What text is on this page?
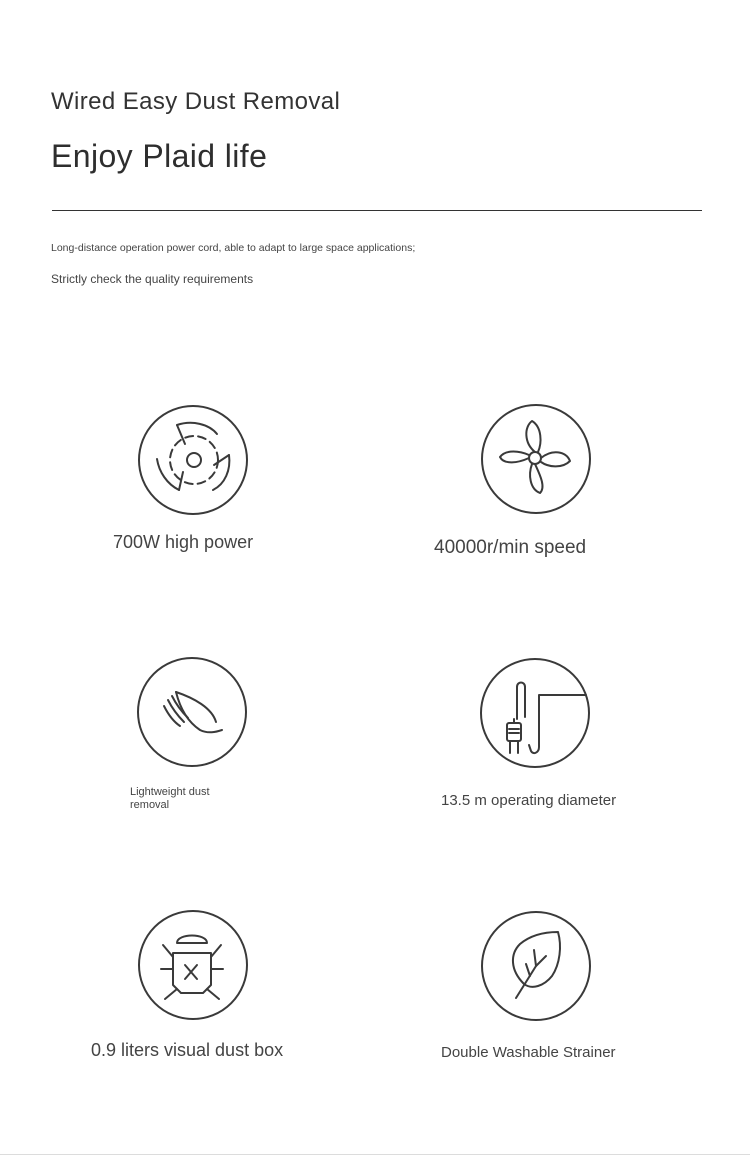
Wired Easy Dust Removal
Enjoy Plaid life
Long-distance operation power cord, able to adapt to large space applications;
Strictly check the quality requirements
700W high power	40000r/min speed
Lightweight dust
removal	13.5 m operating diameter
0.9 liters visual dust box	Double Washable Strainer
